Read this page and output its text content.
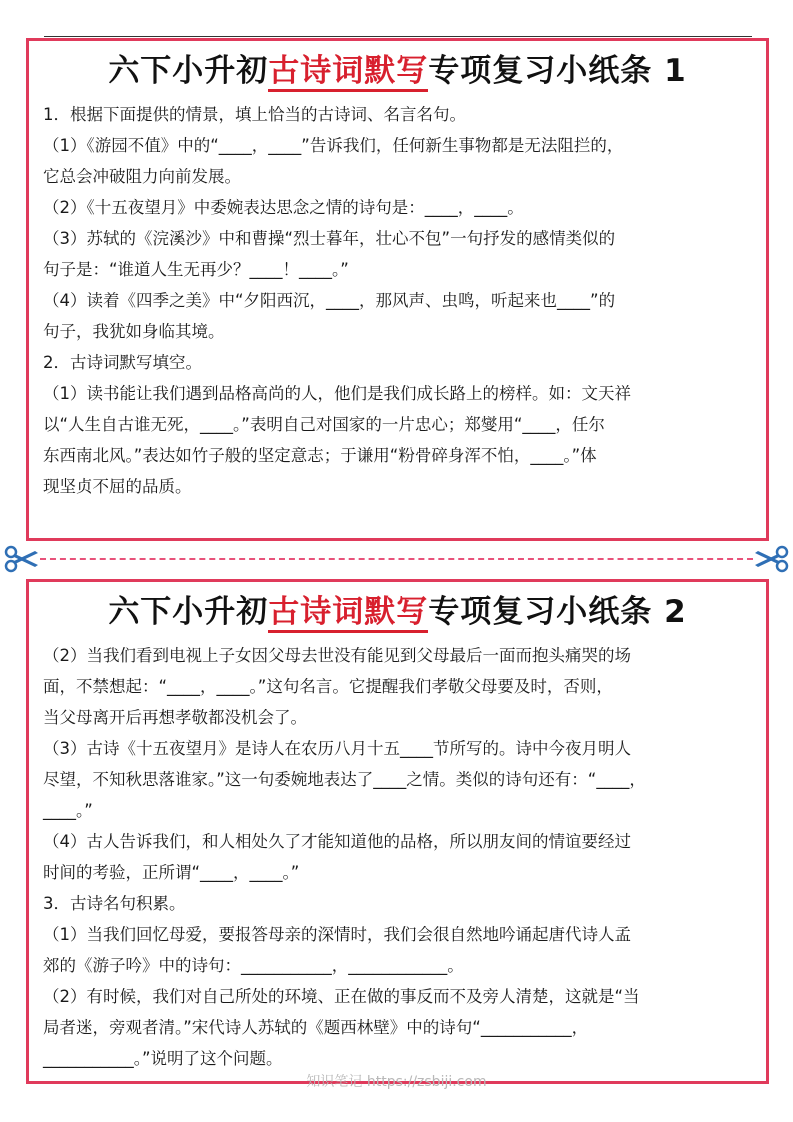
六下小升初古诗词默写专项复习小纸条 1

1．根据下面提供的情景，填上恰当的古诗词、名言名句。

（1）《游园不值》中的“____，____”告诉我们，任何新生事物都是无法阻拦的，

它总会冲破阻力向前发展。

（2）《十五夜望月》中委婉表达思念之情的诗句是：____，____。

（3）苏轼的《浣溪沙》中和曹操“烈士暮年，壮心不包”一句抒发的感情类似的

句子是：“谁道人生无再少？____！____。”

（4）读着《四季之美》中“夕阳西沉，____，那风声、虫鸣，听起来也____”的

句子，我犹如身临其境。

2．古诗词默写填空。

（1）读书能让我们遇到品格高尚的人，他们是我们成长路上的榜样。如：文天祥

以“人生自古谁无死，____。”表明自己对国家的一片忠心；郑燮用“____，任尔

东西南北风。”表达如竹子般的坚定意志；于谦用“粉骨碎身浑不怕，____。”体

现坚贞不屈的品质。

六下小升初古诗词默写专项复习小纸条 2

（2）当我们看到电视上子女因父母去世没有能见到父母最后一面而抱头痛哭的场

面，不禁想起：“____，____。”这句名言。它提醒我们孝敬父母要及时，否则，

当父母离开后再想孝敬都没机会了。

（3）古诗《十五夜望月》是诗人在农历八月十五____节所写的。诗中今夜月明人

尽望，不知秋思落谁家。”这一句委婉地表达了____之情。类似的诗句还有：“____，

____。”

（4）古人告诉我们，和人相处久了才能知道他的品格，所以朋友间的情谊要经过

时间的考验，正所谓“____，____。”

3．古诗名句积累。

（1）当我们回忆母爱，要报答母亲的深情时，我们会很自然地吟诵起唐代诗人孟

郊的《游子吟》中的诗句：___________，____________。

（2）有时候，我们对自己所处的环境、正在做的事反而不及旁人清楚，这就是“当

局者迷，旁观者清。”宋代诗人苏轼的《题西林壁》中的诗句“___________，

___________。”说明了这个问题。

知识笔记 https://zsbiji.com
